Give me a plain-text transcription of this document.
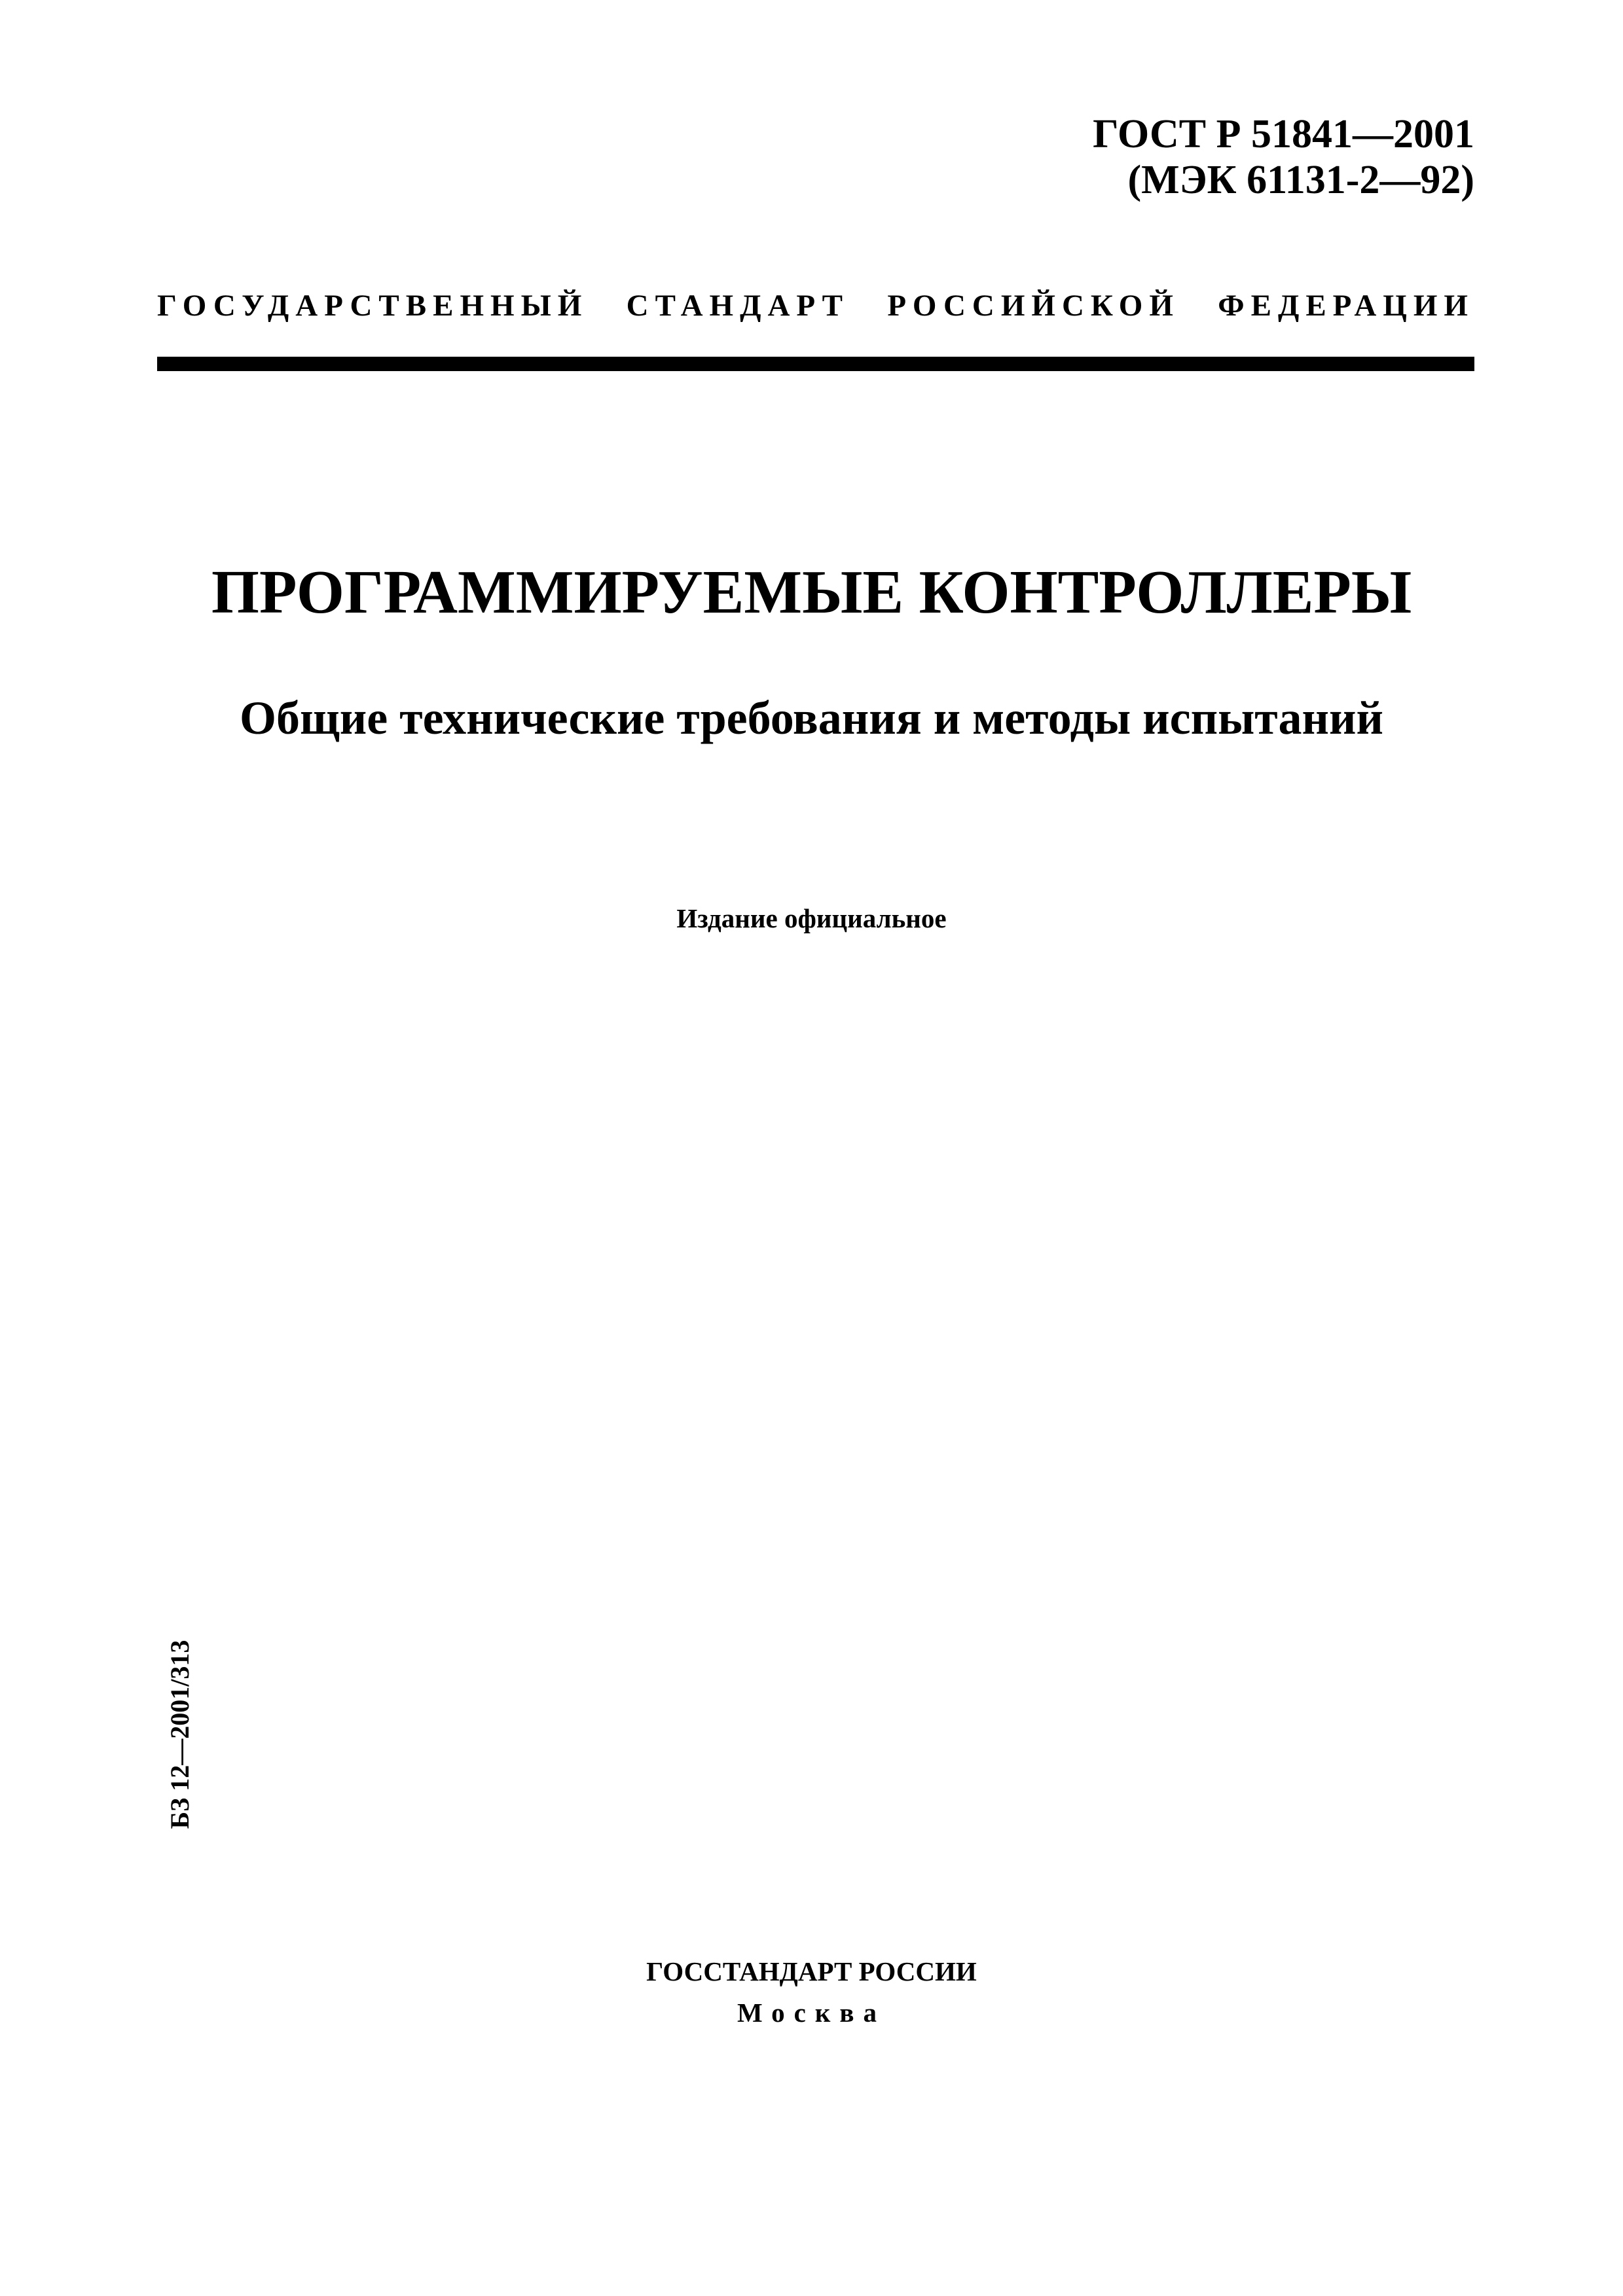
ГОСТ Р 51841—2001
(МЭК 61131-2—92)
ГОСУДАРСТВЕННЫЙ СТАНДАРТ РОССИЙСКОЙ ФЕДЕРАЦИИ
ПРОГРАММИРУЕМЫЕ КОНТРОЛЛЕРЫ
Общие технические требования и методы испытаний
Издание официальное
БЗ 12—2001/313
ГОССТАНДАРТ РОССИИ
Москва
